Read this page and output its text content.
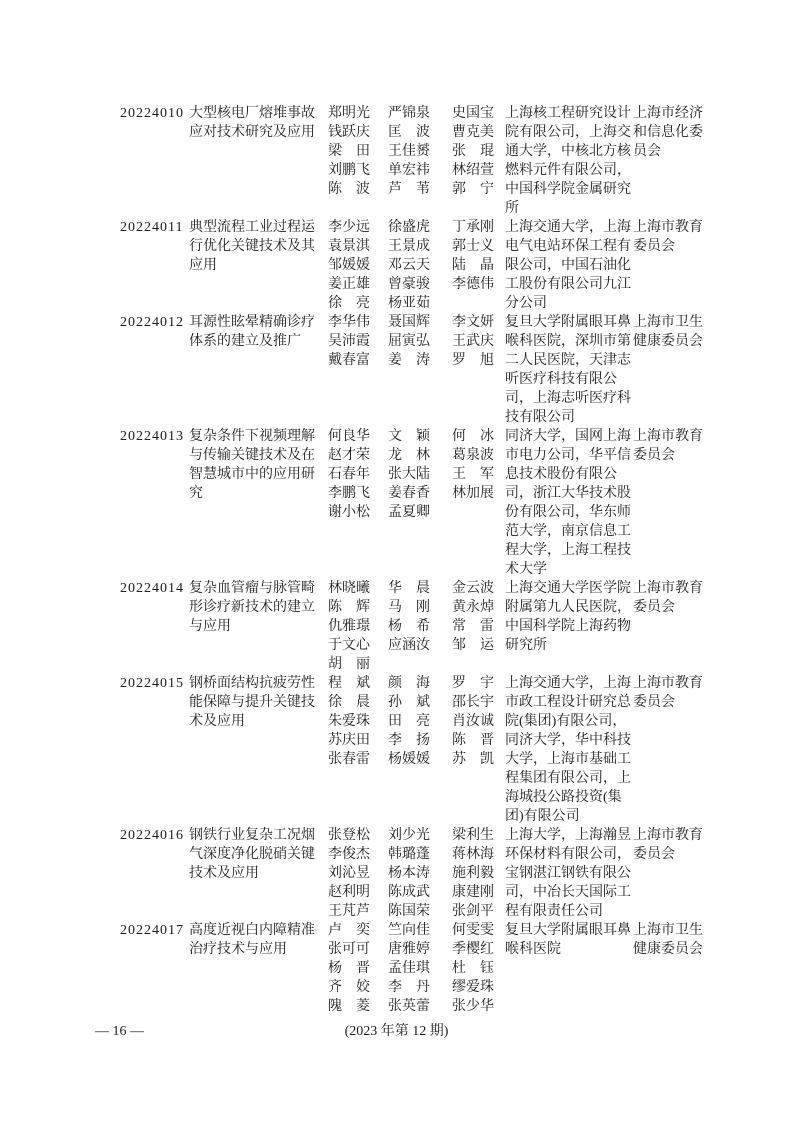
20224010 大型核电厂熔堆事故应对技术研究及应用
郑明光
钱跃庆
梁　田
刘鹏飞
陈　波
严锦泉
匡　波
王佳赟
单宏祎
芦　苇
史国宝
曹克美
张　琨
林绍萱
郭　宁
上海核工程研究设计院有限公司，上海交通大学，中核北方核燃料元件有限公司，中国科学院金属研究所
上海市经济和信息化委员会
20224011 典型流程工业过程运行优化关键技术及其应用
李少远
袁景淇
邹媛媛
姜正雄
徐　亮
徐盛虎
王景成
邓云天
曾豪骏
杨亚茹
丁承刚
郭士义
陆　晶
李德伟
上海交通大学，上海电气电站环保工程有限公司，中国石油化工股份有限公司九江分公司
上海市教育委员会
20224012 耳源性眩晕精确诊疗体系的建立及推广
李华伟
吴沛霞
戴春富
聂国辉
屈寅弘
姜　涛
李文妍
王武庆
罗　旭
复旦大学附属眼耳鼻喉科医院，深圳市第二人民医院，天津志听医疗科技有限公司，上海志听医疗科技有限公司
上海市卫生健康委员会
20224013 复杂条件下视频理解与传输关键技术及在智慧城市中的应用研究
何良华
赵才荣
石春年
李鹏飞
谢小松
文　颖
龙　林
张大陆
姜春香
孟夏卿
何　冰
葛泉波
王　军
林加展
同济大学，国网上海市电力公司，华平信息技术股份有限公司，浙江大华技术股份有限公司，华东师范大学，南京信息工程大学，上海工程技术大学
上海市教育委员会
20224014 复杂血管瘤与脉管畸形诊疗新技术的建立与应用
林晓曦
陈　辉
仇雅璟
于文心
胡　丽
华　晨
马　刚
杨　希
应涵汝
金云波
黄永焯
常　雷
邹　运
上海交通大学医学院附属第九人民医院，中国科学院上海药物研究所
上海市教育委员会
20224015 钢桥面结构抗疲劳性能保障与提升关键技术及应用
程　斌
徐　晨
朱爱珠
苏庆田
张春雷
颜　海
孙　斌
田　亮
李　扬
杨媛媛
罗　宇
邵长宇
肖汝诚
陈　晋
苏　凯
上海交通大学，上海市政工程设计研究总院(集团)有限公司，同济大学，华中科技大学，上海市基础工程集团有限公司，上海城投公路投资(集团)有限公司
上海市教育委员会
20224016 钢铁行业复杂工况烟气深度净化脱硝关键技术及应用
张登松
李俊杰
刘沁昱
赵利明
王芃芦
刘少光
韩璐蓬
杨本涛
陈成武
陈国荣
梁利生
蒋林海
施利毅
康建刚
张剑平
上海大学，上海瀚昱环保材料有限公司，宝钢湛江钢铁有限公司，中冶长天国际工程有限责任公司
上海市教育委员会
20224017 高度近视白内障精准治疗技术与应用
卢　奕
张可可
杨　晋
齐　姣
隗　菱
竺向佳
唐雅婷
孟佳琪
李　丹
张英蕾
何雯雯
季樱红
杜　钰
缪爱珠
张少华
复旦大学附属眼耳鼻喉科医院
上海市卫生健康委员会
— 16 —	(2023 年第 12 期)
